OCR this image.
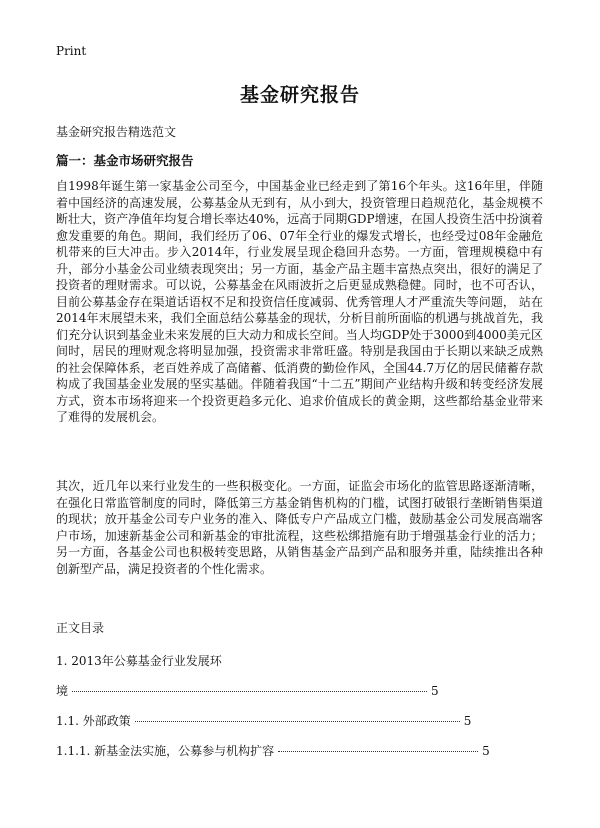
Print
基金研究报告
基金研究报告精选范文
篇一：基金市场研究报告

自1998年诞生第一家基金公司至今，中国基金业已经走到了第16个年头。这16年里，伴随着中国经济的高速发展，公募基金从无到有，从小到大，投资管理日趋规范化，基金规模不断壮大，资产净值年均复合增长率达40%，远高于同期GDP增速，在国人投资生活中扮演着愈发重要的角色。期间，我们经历了06、07年全行业的爆发式增长，也经受过08年金融危机带来的巨大冲击。步入2014年，行业发展呈现企稳回升态势。一方面，管理规模稳中有升，部分小基金公司业绩表现突出；另一方面，基金产品主题丰富热点突出，很好的满足了投资者的理财需求。可以说，公募基金在风雨波折之后更显成熟稳健。同时，也不可否认，目前公募基金存在渠道话语权不足和投资信任度减弱、优秀管理人才严重流失等问题， 站在2014年末展望未来，我们全面总结公募基金的现状，分析目前所面临的机遇与挑战首先，我们充分认识到基金业未来发展的巨大动力和成长空间。当人均GDP处于3000到4000美元区间时，居民的理财观念将明显加强，投资需求非常旺盛。特别是我国由于长期以来缺乏成熟的社会保障体系，老百姓养成了高储蓄、低消费的勤俭作风，全国44.7万亿的居民储蓄存款构成了我国基金业发展的坚实基础。伴随着我国“十二五”期间产业结构升级和转变经济发展方式，资本市场将迎来一个投资更趋多元化、追求价值成长的黄金期，这些都给基金业带来了难得的发展机会。

其次，近几年以来行业发生的一些积极变化。一方面，证监会市场化的监管思路逐渐清晰，在强化日常监管制度的同时，降低第三方基金销售机构的门槛，试图打破银行垄断销售渠道的现状；放开基金公司专户业务的准入、降低专户产品成立门槛，鼓励基金公司发展高端客户市场，加速新基金公司和新基金的审批流程，这些松绑措施有助于增强基金行业的活力；另一方面，各基金公司也积极转变思路，从销售基金产品到产品和服务并重，陆续推出各种创新型产品，满足投资者的个性化需求。

正文目录
1. 2013年公募基金行业发展环
境	5
1.1. 外部政策	5
1.1.1. 新基金法实施，公募参与机构扩容	5
